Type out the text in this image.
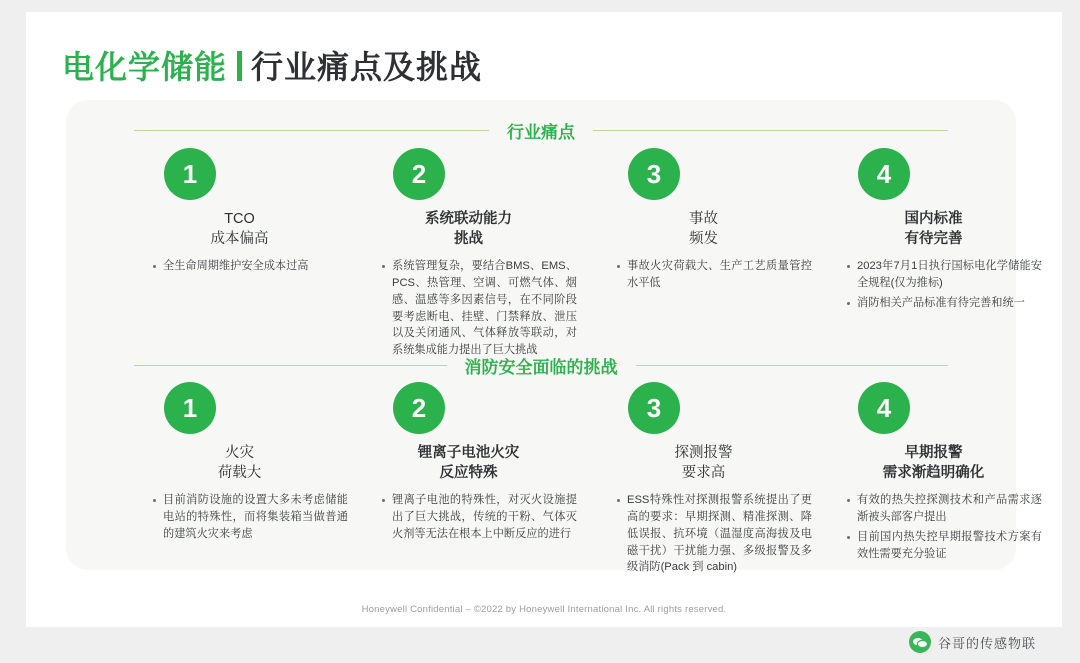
电化学储能 行业痛点及挑战
行业痛点
1
TCO
成本偏高
全生命周期维护安全成本过高
2
系统联动能力
挑战
系统管理复杂，要结合BMS、EMS、PCS、热管理、空调、可燃气体、烟感、温感等多因素信号，在不同阶段要考虑断电、挂壁、门禁释放、泄压以及关闭通风、气体释放等联动，对系统集成能力提出了巨大挑战
3
事故
频发
事故火灾荷载大、生产工艺质量管控水平低
4
国内标准
有待完善
2023年7月1日执行国标电化学储能安全规程(仅为推标)
消防相关产品标准有待完善和统一
消防安全面临的挑战
1
火灾
荷载大
目前消防设施的设置大多未考虑储能电站的特殊性，而将集装箱当做普通的建筑火灾来考虑
2
锂离子电池火灾
反应特殊
锂离子电池的特殊性，对灭火设施提出了巨大挑战，传统的干粉、气体灭火剂等无法在根本上中断反应的进行
3
探测报警
要求高
ESS特殊性对探测报警系统提出了更高的要求：早期探测、精准探测、降低误报、抗环境（温湿度高海拔及电磁干扰）干扰能力强、多级报警及多级消防(Pack 到 cabin)
4
早期报警
需求渐趋明确化
有效的热失控探测技术和产品需求逐渐被头部客户提出
目前国内热失控早期报警技术方案有效性需要充分验证
Honeywell Confidential – ©2022 by Honeywell International Inc. All rights reserved.
谷哥的传感物联
